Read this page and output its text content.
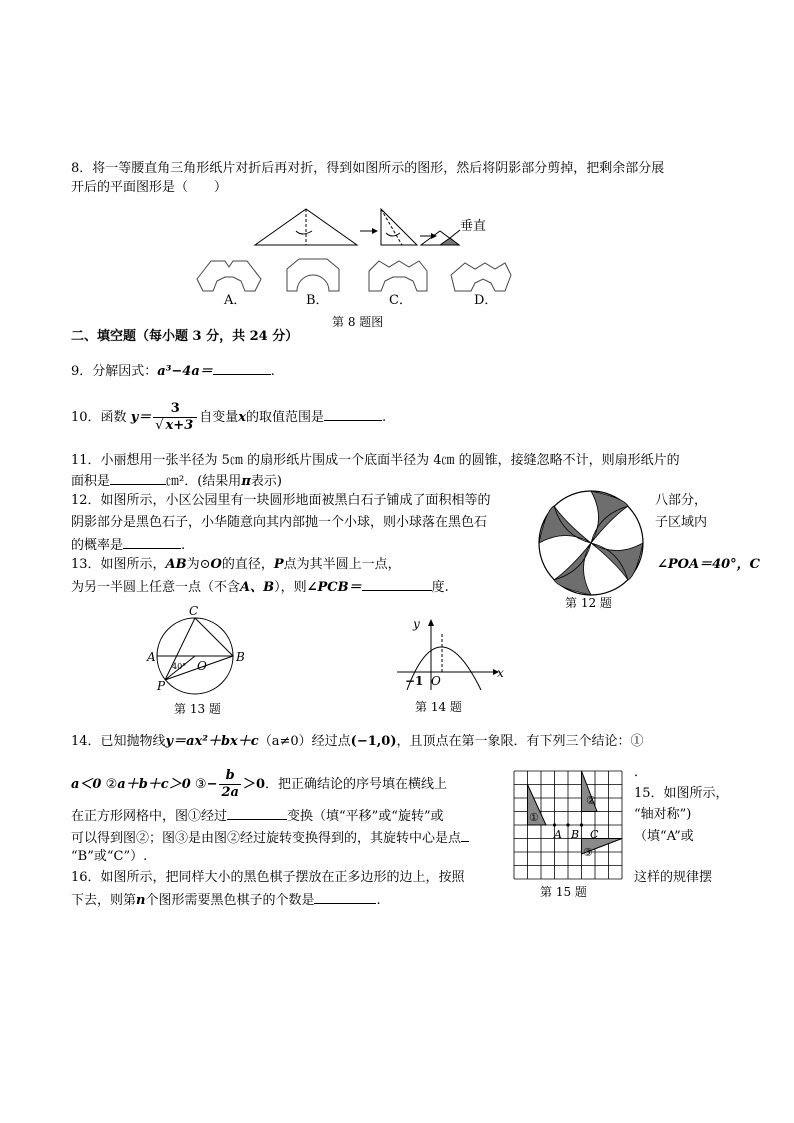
8．将一等腰直角三角形纸片对折后再对折，得到如图所示的图形，然后将阴影部分剪掉，把剩余部分展
开后的平面图形是（　　）
垂直
A．	B．	C．	D．
第 8 题图
二、填空题（每小题 3 分，共 24 分）
9．分解因式：a³−4a＝	.
10．函数 $y= \frac{3}{√ x+3}$ 自变量x的取值范围是	.
11．小丽想用一张半径为 5㎝ 的扇形纸片围成一个底面半径为 4㎝ 的圆锥，接缝忽略不计，则扇形纸片的
面积是	㎝²．(结果用π表示)
12．如图所示，小区公园里有一块圆形地面被黑白石子铺成了面积相等的	八部分，
阴影部分是黑色石子，小华随意向其内部抛一个小球，则小球落在黑色石	子区域内
的概率是	.
第 12 题
13．如图所示，AB为⊙O的直径，P点为其半圆上一点，	∠POA＝40°，C
为另一半圆上任意一点（不含A、B），则∠PCB＝	度.
C
A	B
O
P
40°
第 13 题
y
x
−1 O
第 14 题
14．已知抛物线y＝ax²＋bx＋c（a≠0）经过点(−1,0)，且顶点在第一象限．有下列三个结论：①
a＜0 ②a＋b＋c＞0 ③− $\frac{b}{2a} >0$．把正确结论的序号填在横线上
．
15．如图所示，
在正方形网格中，图①经过	变换（填“平移”或“旋转”或	“轴对称”)
可以得到图②；图③是由图②经过旋转变换得到的，其旋转中心是点	（填“A”或
“B”或“C”）.
①
②
③
A B C
第 15 题
16．如图所示，把同样大小的黑色棋子摆放在正多边形的边上，按照	这样的规律摆
下去，则第n个图形需要黑色棋子的个数是	.
